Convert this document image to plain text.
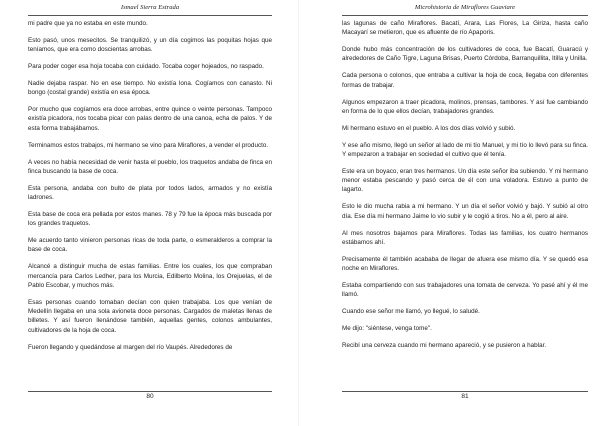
Ismael Sierra Estrada

mi padre que ya no estaba en este mundo.

Esto pasó, unos mesecitos. Se tranquilizó, y un día cogimos las poquitas hojas que teníamos, que era como doscientas arrobas.

Para poder coger esa hoja tocaba con cuidado. Tocaba coger hojeados, no raspado.

Nadie dejaba raspar. No en ese tiempo. No existía lona. Cogíamos con canasto. Ni bongo (costal grande) existía en esa época.

Por mucho que cogíamos era doce arrobas, entre quince o veinte personas. Tampoco existía picadora, nos tocaba picar con palas dentro de una canoa, echa de palos. Y de esta forma trabajábamos.

Terminamos estos trabajos, mi hermano se vino para Miraflores, a vender el producto.

A veces no había necesidad de venir hasta el pueblo, los traquetos andaba de finca en finca buscando la base de coca.

Esta persona, andaba con bulto de plata por todos lados, armados y no existía ladrones.

Esta base de coca era pellada por estos manes. 78 y 79 fue la época más buscada por los grandes traquetos.

Me acuerdo tanto vinieron personas ricas de toda parte, o esmeralderos a comprar la base de coca.

Alcancé a distinguir mucha de estas familias. Entre los cuales, los que compraban mercancía para Carlos Ledher, para los Murcia, Edilberto Molina, los Orejuelas, el de Pablo Escobar, y muchos más.

Esas personas cuando tomaban decían con quien trabajaba. Los que venían de Medellín llegaba en una sola avioneta doce personas. Cargados de maletas llenas de billetes. Y así fueron llenándose también, aquellas gentes, colonos ambulantes, cultivadores de la hoja de coca.

Fueron llegando y quedándose al margen del río Vaupés. Alrededores de

80
Microhistoria de Miraflores Guaviare

las lagunas de caño Miraflores. Bacatí, Arara, Las Flores, La Giriza, hasta caño Macayarí se metieron, que es afluente de río Apaporis.

Donde hubo más concentración de los cultivadores de coca, fue Bacatí, Guaracú y alrededores de Caño Tigre, Laguna Brisas, Puerto Córdoba, Barranquillita, Itilla y Unilla.

Cada persona o colonos, que entraba a cultivar la hoja de coca, llegaba con diferentes formas de trabajar.

Algunos empezaron a traer picadora, molinos, prensas, tambores. Y así fue cambiando en forma de lo que ellos decían, trabajadores grandes.

Mi hermano estuvo en el pueblo. A los dos días volvió y subió.

Y ese año mismo, llegó un señor al lado de mi tío Manuel, y mi tío lo llevó para su finca. Y empezaron a trabajar en sociedad el cultivo que él tenía.

Este era un boyaco, eran tres hermanos. Un día este señor iba subiendo. Y mi hermano menor estaba pescando y pasó cerca de él con una voladora. Estuvo a punto de lagarto.

Esto le dio mucha rabia a mi hermano. Y un día el señor volvió y bajó. Y subió al otro día. Ese día mi hermano Jaime lo vio subir y le cogió a tiros. No a él, pero al aire.

Al mes nosotros bajamos para Miraflores. Todas las familias, los cuatro hermanos estábamos ahí.

Precisamente él también acababa de llegar de afuera ese mismo día. Y se quedó esa noche en Miraflores.

Estaba compartiendo con sus trabajadores una tomata de cerveza. Yo pasé ahí y él me llamó.

Cuando ese señor me llamó, yo llegué, lo saludé.

Me dijo: "siéntese, venga tome".

Recibí una cerveza cuando mi hermano apareció, y se pusieron a hablar.

81
